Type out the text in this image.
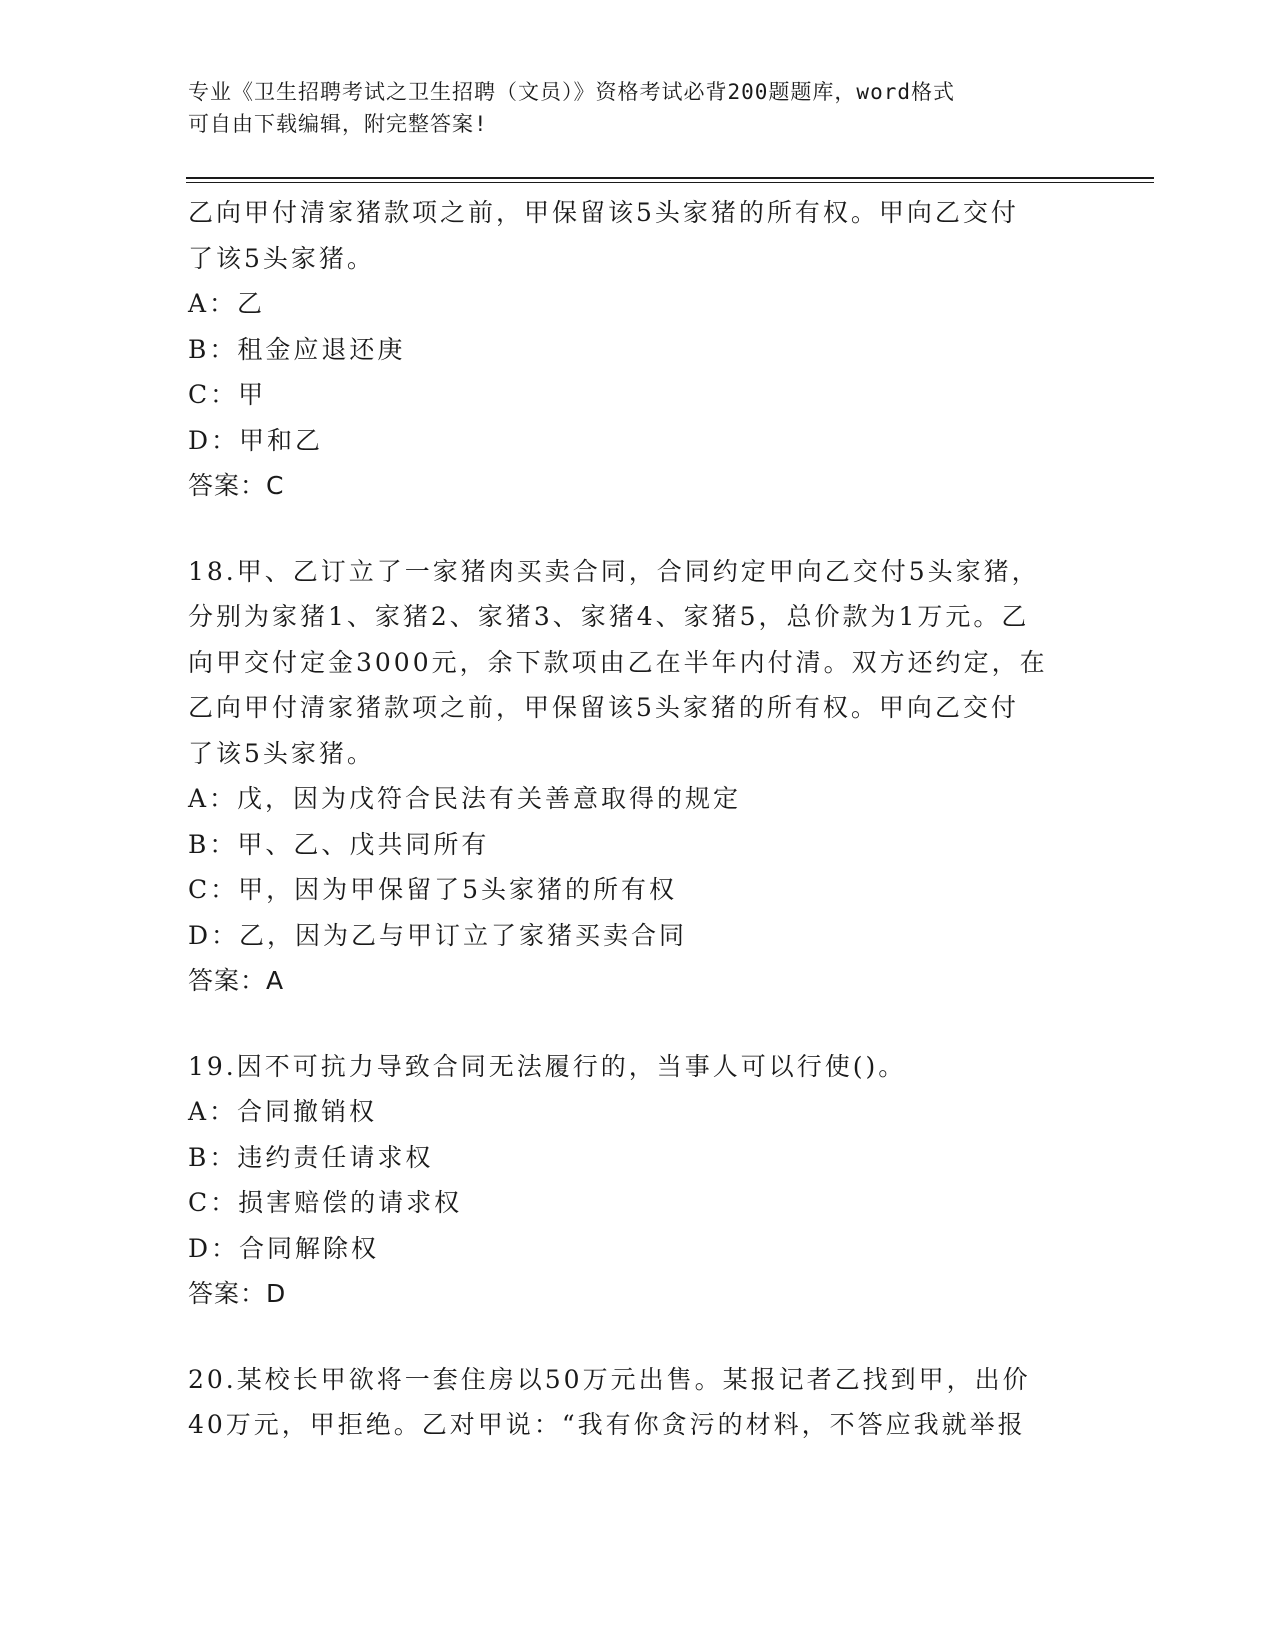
专业《卫生招聘考试之卫生招聘（文员）》资格考试必背200题题库，word格式
可自由下载编辑，附完整答案!
乙向甲付清家猪款项之前，甲保留该5头家猪的所有权。甲向乙交付
了该5头家猪。
A：乙
B：租金应退还庚
C：甲
D：甲和乙
答案：C
18.甲、乙订立了一家猪肉买卖合同，合同约定甲向乙交付5头家猪，
分别为家猪1、家猪2、家猪3、家猪4、家猪5，总价款为1万元。乙
向甲交付定金3000元，余下款项由乙在半年内付清。双方还约定，在
乙向甲付清家猪款项之前，甲保留该5头家猪的所有权。甲向乙交付
了该5头家猪。
A：戊，因为戊符合民法有关善意取得的规定
B：甲、乙、戊共同所有
C：甲，因为甲保留了5头家猪的所有权
D：乙，因为乙与甲订立了家猪买卖合同
答案：A
19.因不可抗力导致合同无法履行的，当事人可以行使()。
A：合同撤销权
B：违约责任请求权
C：损害赔偿的请求权
D：合同解除权
答案：D
20.某校长甲欲将一套住房以50万元出售。某报记者乙找到甲，出价
40万元，甲拒绝。乙对甲说：“我有你贪污的材料，不答应我就举报
